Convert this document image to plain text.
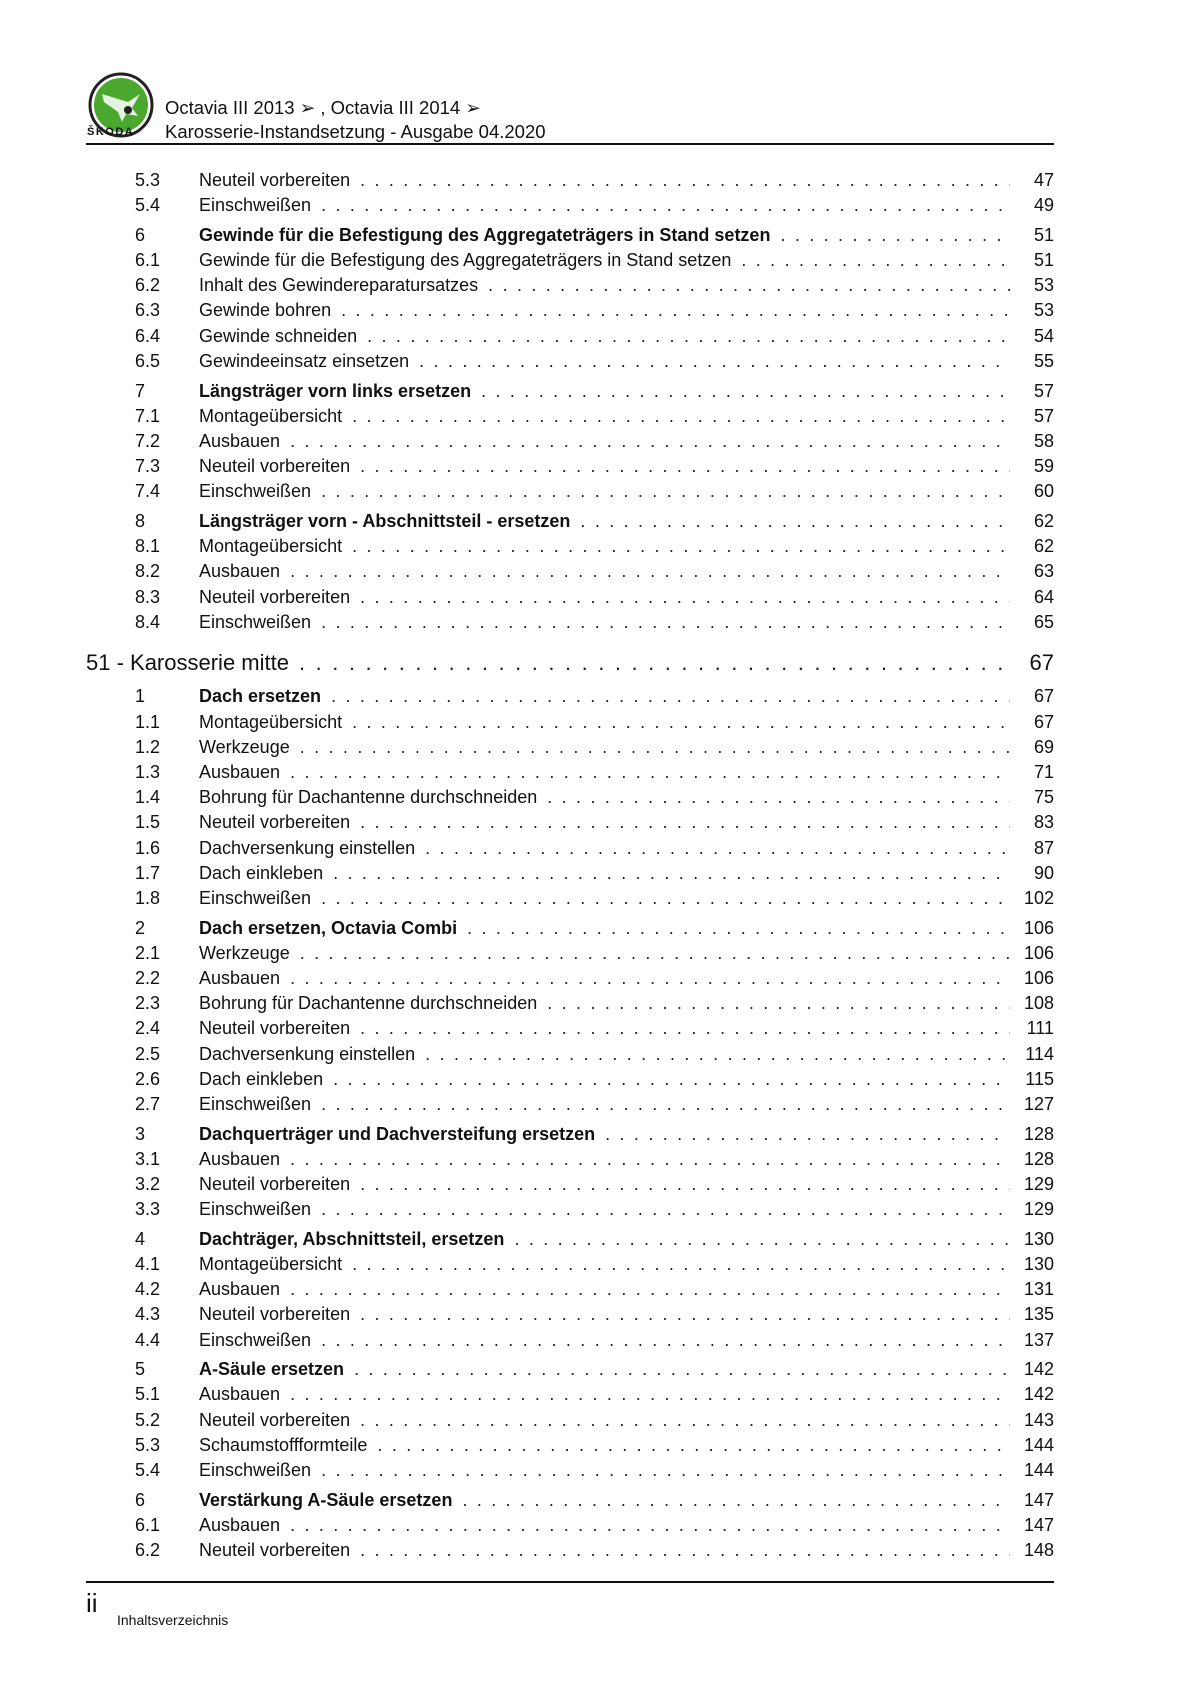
ŠKODA
Octavia III 2013 ➢ , Octavia III 2014 ➢
Karosserie-Instandsetzung - Ausgabe 04.2020
5.3	Neuteil vorbereiten . . .	47
5.4	Einschweißen . . .	49
6	Gewinde für die Befestigung des Aggregateträgers in Stand setzen . . .	51
6.1	Gewinde für die Befestigung des Aggregateträgers in Stand setzen . . .	51
6.2	Inhalt des Gewindereparatursatzes . . .	53
6.3	Gewinde bohren . . .	53
6.4	Gewinde schneiden . . .	54
6.5	Gewindeeinsatz einsetzen . . .	55
7	Längsträger vorn links ersetzen . . .	57
7.1	Montageübersicht . . .	57
7.2	Ausbauen . . .	58
7.3	Neuteil vorbereiten . . .	59
7.4	Einschweißen . . .	60
8	Längsträger vorn - Abschnittsteil - ersetzen . . .	62
8.1	Montageübersicht . . .	62
8.2	Ausbauen . . .	63
8.3	Neuteil vorbereiten . . .	64
8.4	Einschweißen . . .	65
51 - Karosserie mitte . . .	67
1	Dach ersetzen . . .	67
1.1	Montageübersicht . . .	67
1.2	Werkzeuge . . .	69
1.3	Ausbauen . . .	71
1.4	Bohrung für Dachantenne durchschneiden . . .	75
1.5	Neuteil vorbereiten . . .	83
1.6	Dachversenkung einstellen . . .	87
1.7	Dach einkleben . . .	90
1.8	Einschweißen . . .	102
2	Dach ersetzen, Octavia Combi . . .	106
2.1	Werkzeuge . . .	106
2.2	Ausbauen . . .	106
2.3	Bohrung für Dachantenne durchschneiden . . .	108
2.4	Neuteil vorbereiten . . .	111
2.5	Dachversenkung einstellen . . .	114
2.6	Dach einkleben . . .	115
2.7	Einschweißen . . .	127
3	Dachquerträger und Dachversteifung ersetzen . . .	128
3.1	Ausbauen . . .	128
3.2	Neuteil vorbereiten . . .	129
3.3	Einschweißen . . .	129
4	Dachträger, Abschnittsteil, ersetzen . . .	130
4.1	Montageübersicht . . .	130
4.2	Ausbauen . . .	131
4.3	Neuteil vorbereiten . . .	135
4.4	Einschweißen . . .	137
5	A-Säule ersetzen . . .	142
5.1	Ausbauen . . .	142
5.2	Neuteil vorbereiten . . .	143
5.3	Schaumstoffformteile . . .	144
5.4	Einschweißen . . .	144
6	Verstärkung A-Säule ersetzen . . .	147
6.1	Ausbauen . . .	147
6.2	Neuteil vorbereiten . . .	148
ii
Inhaltsverzeichnis
